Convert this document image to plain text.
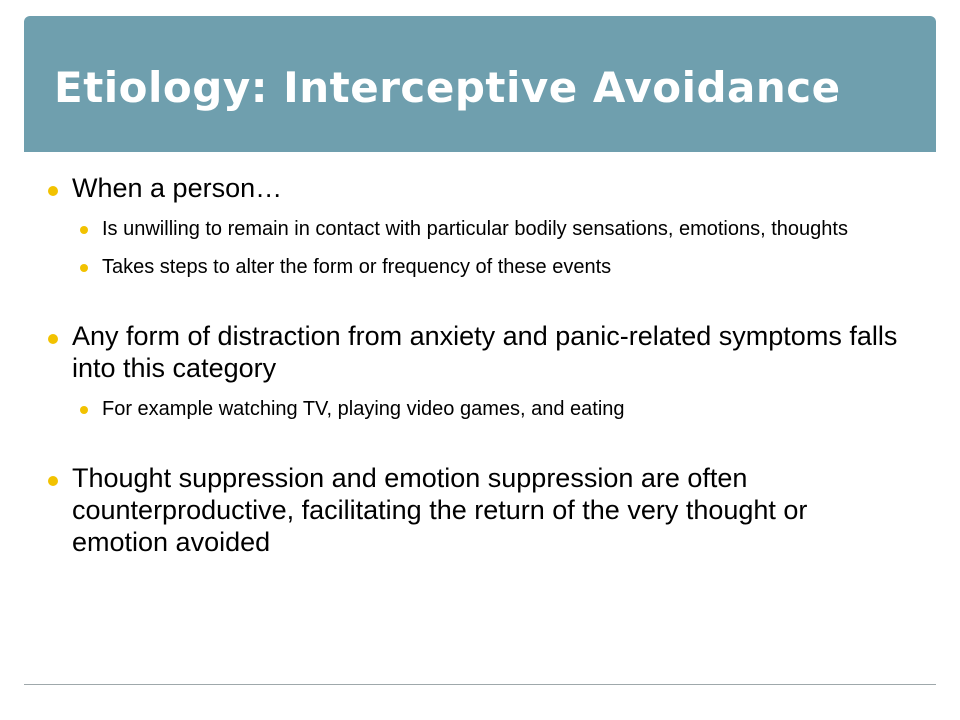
Etiology: Interceptive Avoidance
When a person…
Is unwilling to remain in contact with particular bodily sensations, emotions, thoughts
Takes steps to alter the form or frequency of these events
Any form of distraction from anxiety and panic-related symptoms falls into this category
For example watching TV, playing video games, and eating
Thought suppression and emotion suppression are often counterproductive, facilitating the return of the very thought or emotion avoided
